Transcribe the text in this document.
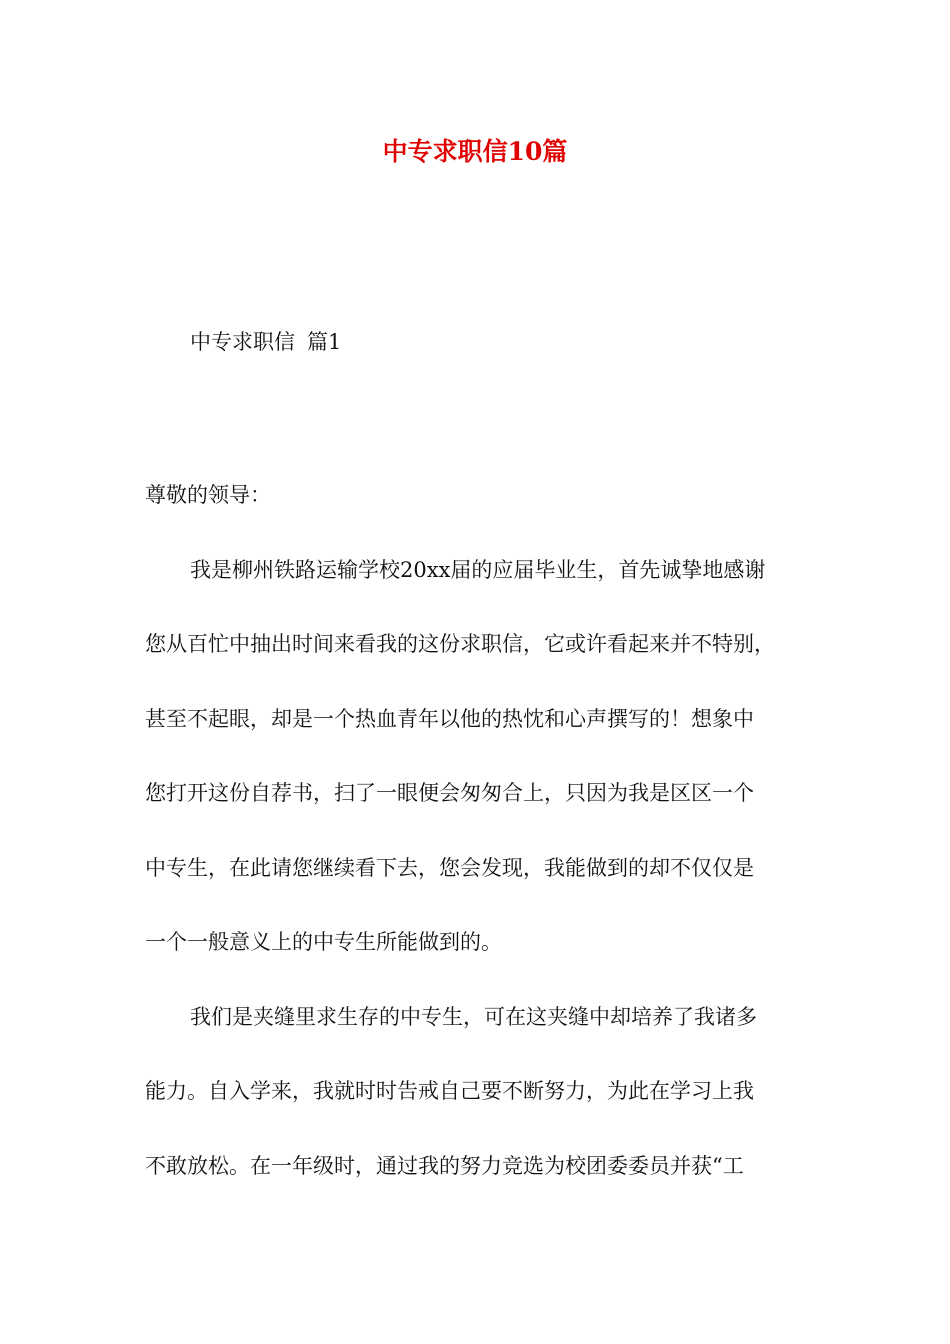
中专求职信10篇
中专求职信 篇1
尊敬的领导：
我是柳州铁路运输学校20xx届的应届毕业生，首先诚挚地感谢
您从百忙中抽出时间来看我的这份求职信，它或许看起来并不特别，
甚至不起眼，却是一个热血青年以他的热忱和心声撰写的！想象中
您打开这份自荐书，扫了一眼便会匆匆合上，只因为我是区区一个
中专生，在此请您继续看下去，您会发现，我能做到的却不仅仅是
一个一般意义上的中专生所能做到的。
我们是夹缝里求生存的中专生，可在这夹缝中却培养了我诸多
能力。自入学来，我就时时告戒自己要不断努力，为此在学习上我
不敢放松。在一年级时，通过我的努力竞选为校团委委员并获“工
